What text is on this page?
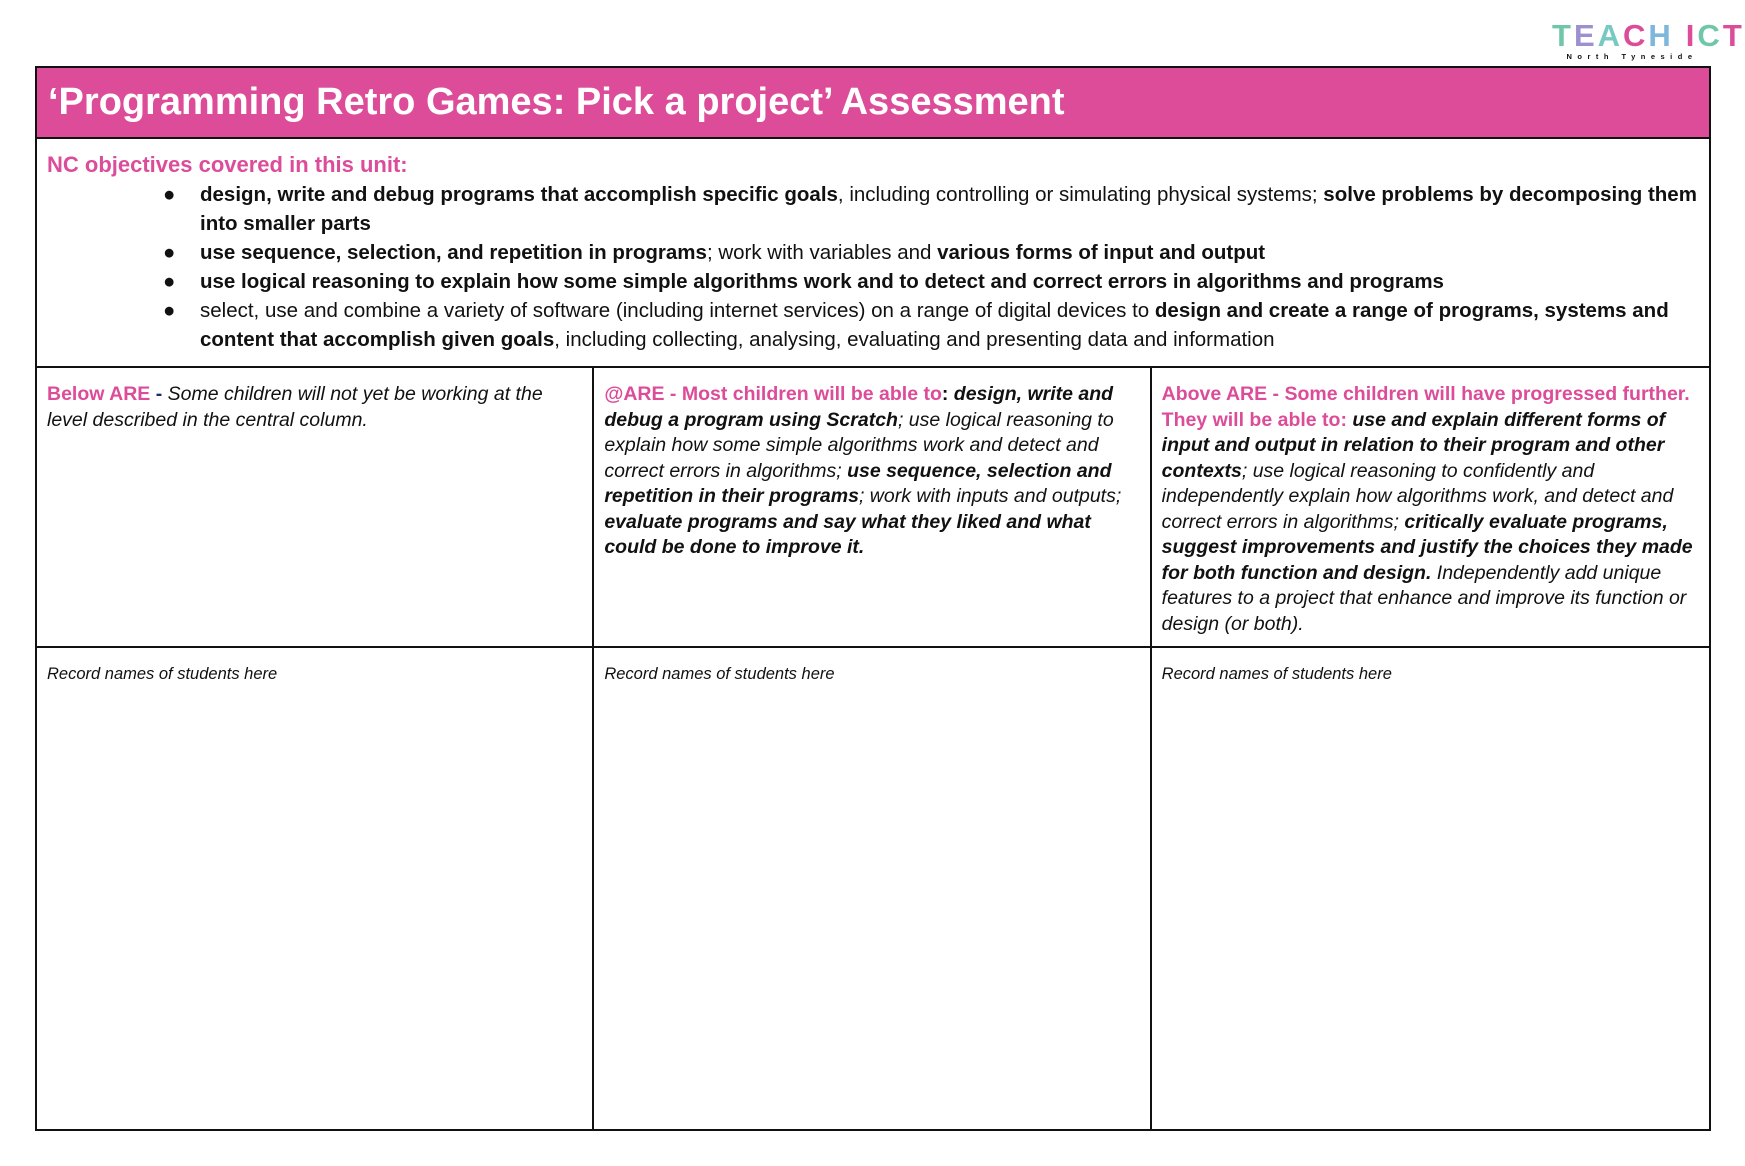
TEACH ICT
North Tyneside
‘Programming Retro Games: Pick a project’ Assessment
NC objectives covered in this unit:
● design, write and debug programs that accomplish specific goals, including controlling or simulating physical systems; solve problems by decomposing them into smaller parts
● use sequence, selection, and repetition in programs; work with variables and various forms of input and output
● use logical reasoning to explain how some simple algorithms work and to detect and correct errors in algorithms and programs
● select, use and combine a variety of software (including internet services) on a range of digital devices to design and create a range of programs, systems and content that accomplish given goals, including collecting, analysing, evaluating and presenting data and information
Below ARE - Some children will not yet be working at the level described in the central column.
@ARE - Most children will be able to: design, write and debug a program using Scratch; use logical reasoning to explain how some simple algorithms work and detect and correct errors in algorithms; use sequence, selection and repetition in their programs; work with inputs and outputs; evaluate programs and say what they liked and what could be done to improve it.
Above ARE - Some children will have progressed further. They will be able to: use and explain different forms of input and output in relation to their program and other contexts; use logical reasoning to confidently and independently explain how algorithms work, and detect and correct errors in algorithms; critically evaluate programs, suggest improvements and justify the choices they made for both function and design. Independently add unique features to a project that enhance and improve its function or design (or both).
Record names of students here	Record names of students here	Record names of students here
